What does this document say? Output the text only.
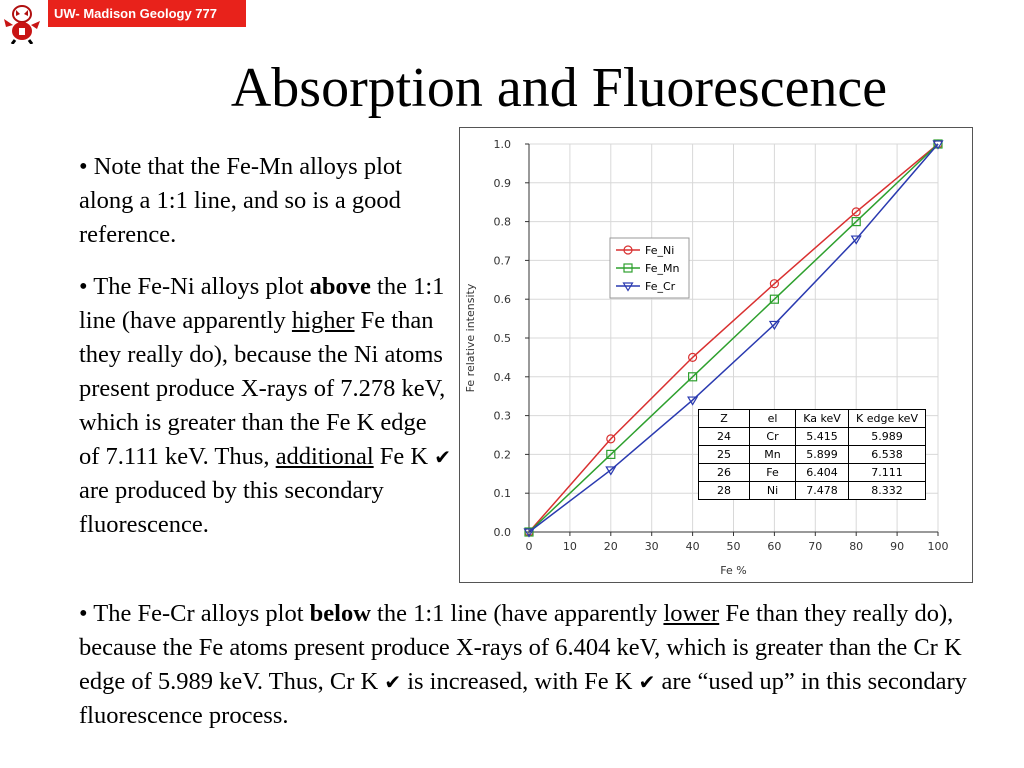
UW- Madison Geology 777
Absorption and Fluorescence

• Note that the Fe-Mn alloys plot along a 1:1 line, and so is a good reference.

• The Fe-Ni alloys plot above the 1:1 line (have apparently higher Fe than they really do), because the Ni atoms present produce X-rays of 7.278 keV, which is greater than the Fe K edge of 7.111 keV. Thus, additional Fe K ✔ are produced by this secondary fluorescence.

• The Fe-Cr alloys plot below the 1:1 line (have apparently lower Fe than they really do), because the Fe atoms present produce X-rays of 6.404 keV, which is greater than the Cr K edge of 5.989 keV. Thus, Cr K ✔ is increased, with Fe K ✔ are “used up” in this secondary fluorescence process.

0	10 20 30 40 50 60 70 80 90 100
0.0
0.1
0.2
0.3
0.4
0.5
0.6
0.7
0.8
0.9
1.0
Fe %
Fe relative intensity
Fe_Ni
Fe_Mn
Fe_Cr
Z	el	Ka keV	K edge keV
24	Cr	5.415	5.989
25	Mn	5.899	6.538
26	Fe	6.404	7.111
28	Ni	7.478	8.332
